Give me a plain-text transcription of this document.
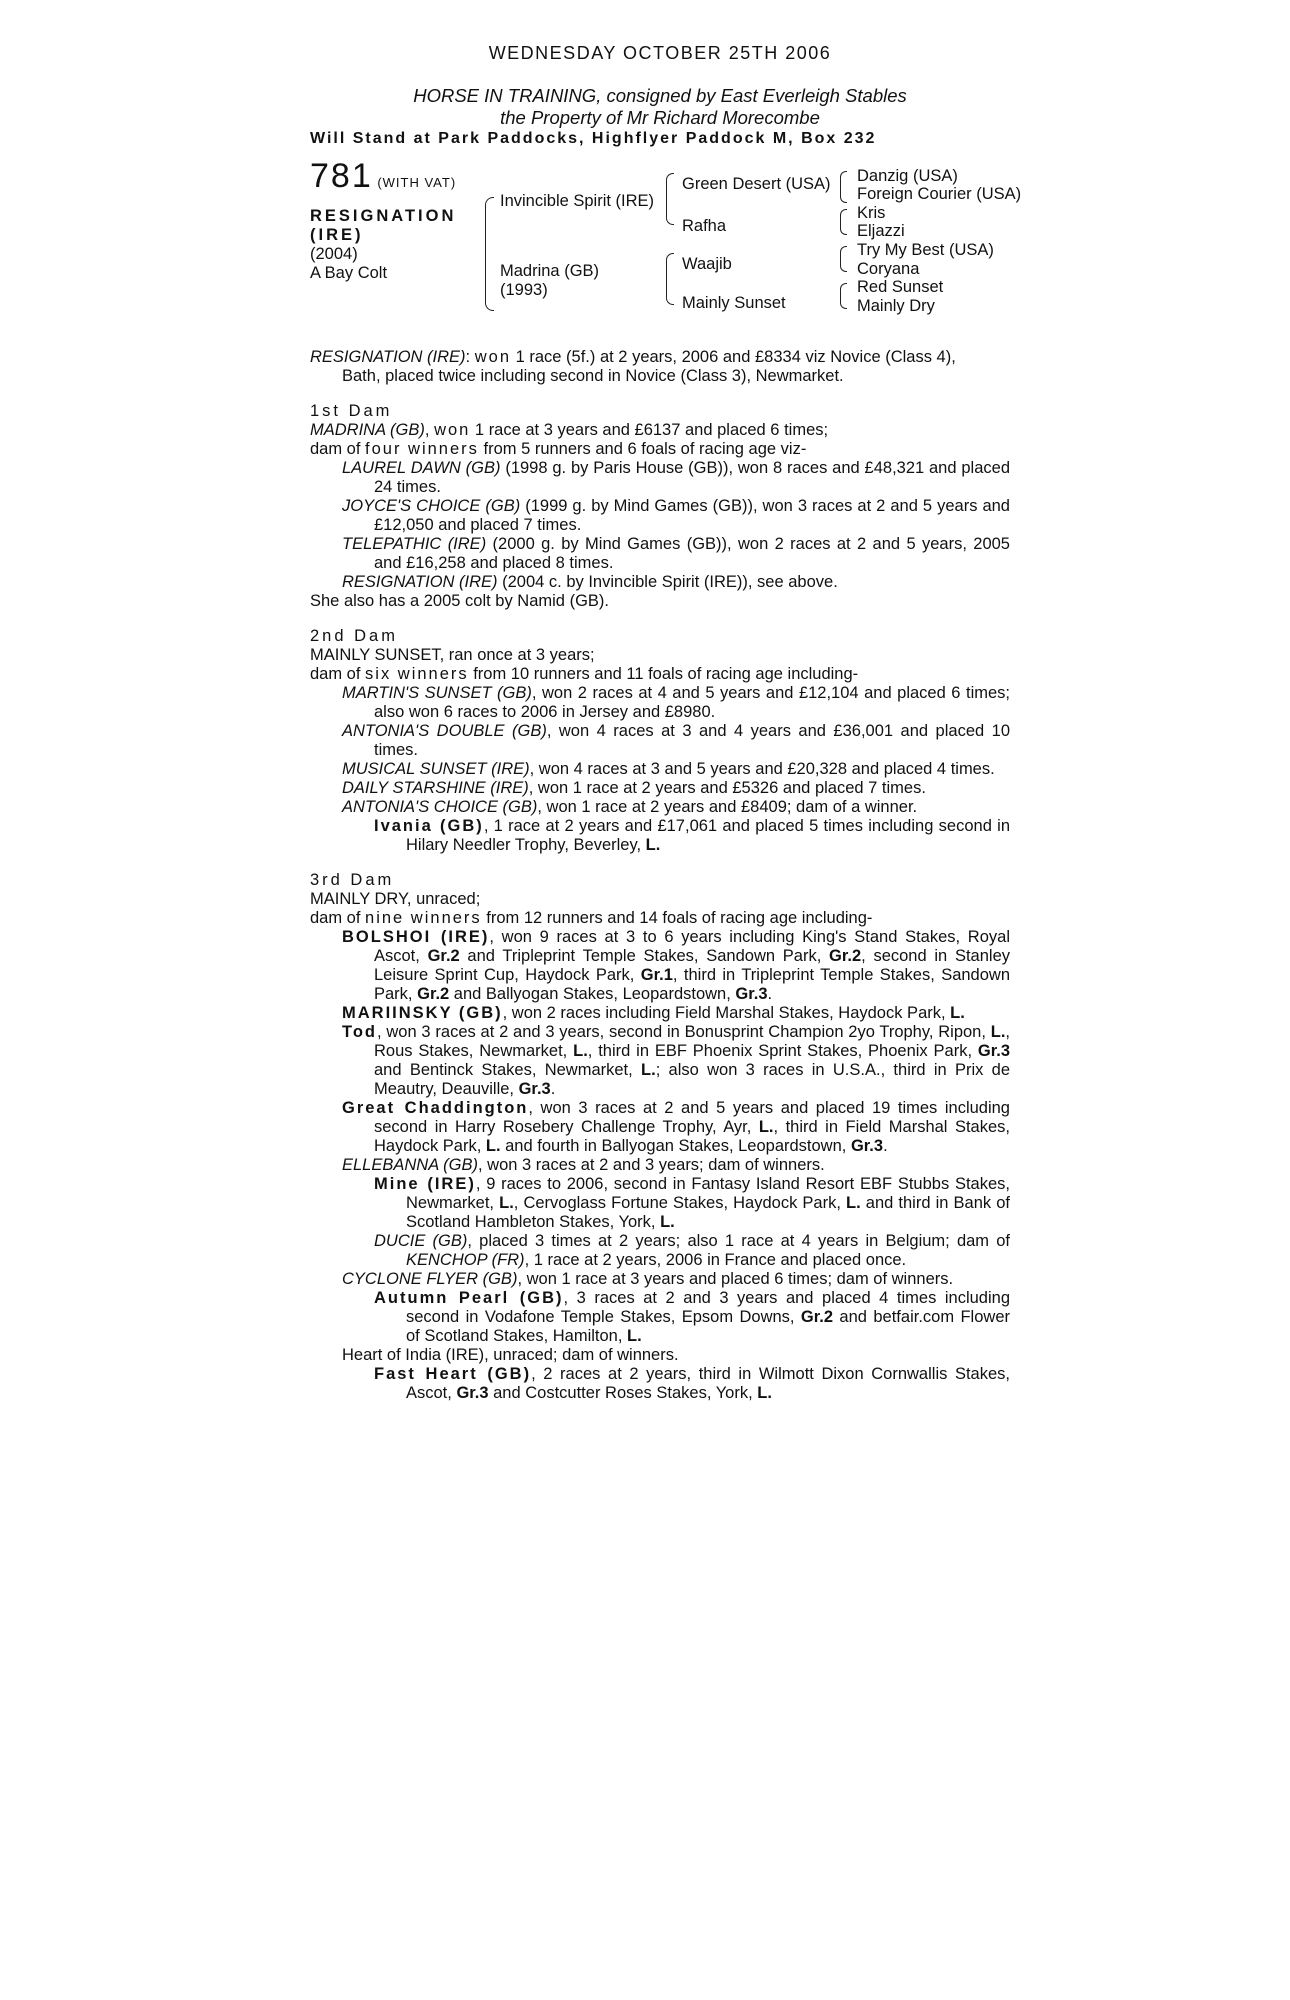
WEDNESDAY OCTOBER 25TH 2006
HORSE IN TRAINING, consigned by East Everleigh Stables
the Property of Mr Richard Morecombe
Will Stand at Park Paddocks, Highflyer Paddock M, Box 232
781 (WITH VAT)
RESIGNATION
(IRE)
(2004)
A Bay Colt
Invincible Spirit (IRE)
Madrina (GB)
(1993)
Green Desert (USA)
Rafha
Waajib
Mainly Sunset
Danzig (USA)
Foreign Courier (USA)
Kris
Eljazzi
Try My Best (USA)
Coryana
Red Sunset
Mainly Dry
RESIGNATION (IRE): won 1 race (5f.) at 2 years, 2006 and £8334 viz Novice (Class 4),
Bath, placed twice including second in Novice (Class 3), Newmarket.
1st Dam
MADRINA (GB), won 1 race at 3 years and £6137 and placed 6 times;
dam of four winners from 5 runners and 6 foals of racing age viz-
LAUREL DAWN (GB) (1998 g. by Paris House (GB)), won 8 races and £48,321 and placed 24 times.
JOYCE'S CHOICE (GB) (1999 g. by Mind Games (GB)), won 3 races at 2 and 5 years and £12,050 and placed 7 times.
TELEPATHIC (IRE) (2000 g. by Mind Games (GB)), won 2 races at 2 and 5 years, 2005 and £16,258 and placed 8 times.
RESIGNATION (IRE) (2004 c. by Invincible Spirit (IRE)), see above.
She also has a 2005 colt by Namid (GB).
2nd Dam
MAINLY SUNSET, ran once at 3 years;
dam of six winners from 10 runners and 11 foals of racing age including-
MARTIN'S SUNSET (GB), won 2 races at 4 and 5 years and £12,104 and placed 6 times; also won 6 races to 2006 in Jersey and £8980.
ANTONIA'S DOUBLE (GB), won 4 races at 3 and 4 years and £36,001 and placed 10 times.
MUSICAL SUNSET (IRE), won 4 races at 3 and 5 years and £20,328 and placed 4 times.
DAILY STARSHINE (IRE), won 1 race at 2 years and £5326 and placed 7 times.
ANTONIA'S CHOICE (GB), won 1 race at 2 years and £8409; dam of a winner.
Ivania (GB), 1 race at 2 years and £17,061 and placed 5 times including second in Hilary Needler Trophy, Beverley, L.
3rd Dam
MAINLY DRY, unraced;
dam of nine winners from 12 runners and 14 foals of racing age including-
BOLSHOI (IRE), won 9 races at 3 to 6 years including King's Stand Stakes, Royal Ascot, Gr.2 and Tripleprint Temple Stakes, Sandown Park, Gr.2, second in Stanley Leisure Sprint Cup, Haydock Park, Gr.1, third in Tripleprint Temple Stakes, Sandown Park, Gr.2 and Ballyogan Stakes, Leopardstown, Gr.3.
MARIINSKY (GB), won 2 races including Field Marshal Stakes, Haydock Park, L.
Tod, won 3 races at 2 and 3 years, second in Bonusprint Champion 2yo Trophy, Ripon, L., Rous Stakes, Newmarket, L., third in EBF Phoenix Sprint Stakes, Phoenix Park, Gr.3 and Bentinck Stakes, Newmarket, L.; also won 3 races in U.S.A., third in Prix de Meautry, Deauville, Gr.3.
Great Chaddington, won 3 races at 2 and 5 years and placed 19 times including second in Harry Rosebery Challenge Trophy, Ayr, L., third in Field Marshal Stakes, Haydock Park, L. and fourth in Ballyogan Stakes, Leopardstown, Gr.3.
ELLEBANNA (GB), won 3 races at 2 and 3 years; dam of winners.
Mine (IRE), 9 races to 2006, second in Fantasy Island Resort EBF Stubbs Stakes, Newmarket, L., Cervoglass Fortune Stakes, Haydock Park, L. and third in Bank of Scotland Hambleton Stakes, York, L.
DUCIE (GB), placed 3 times at 2 years; also 1 race at 4 years in Belgium; dam of KENCHOP (FR), 1 race at 2 years, 2006 in France and placed once.
CYCLONE FLYER (GB), won 1 race at 3 years and placed 6 times; dam of winners.
Autumn Pearl (GB), 3 races at 2 and 3 years and placed 4 times including second in Vodafone Temple Stakes, Epsom Downs, Gr.2 and betfair.com Flower of Scotland Stakes, Hamilton, L.
Heart of India (IRE), unraced; dam of winners.
Fast Heart (GB), 2 races at 2 years, third in Wilmott Dixon Cornwallis Stakes, Ascot, Gr.3 and Costcutter Roses Stakes, York, L.
